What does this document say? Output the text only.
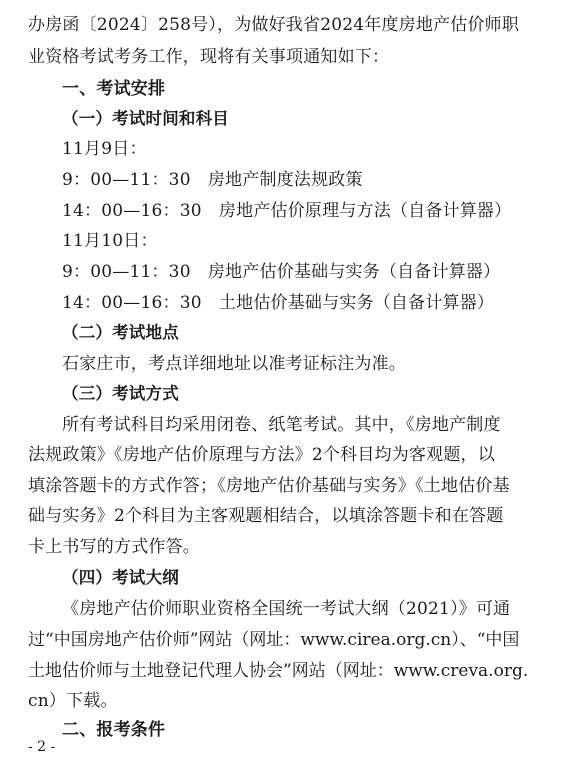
办房函〔2024〕258号），为做好我省2024年度房地产估价师职
业资格考试考务工作，现将有关事项通知如下：
一、考试安排
（一）考试时间和科目
11月9日：
9：00—11：30　房地产制度法规政策
14：00—16：30　房地产估价原理与方法（自备计算器）
11月10日：
9：00—11：30　房地产估价基础与实务（自备计算器）
14：00—16：30　土地估价基础与实务（自备计算器）
（二）考试地点
石家庄市，考点详细地址以准考证标注为准。
（三）考试方式
所有考试科目均采用闭卷、纸笔考试。其中，《房地产制度
法规政策》《房地产估价原理与方法》2个科目均为客观题，以
填涂答题卡的方式作答；《房地产估价基础与实务》《土地估价基
础与实务》2个科目为主客观题相结合，以填涂答题卡和在答题
卡上书写的方式作答。
（四）考试大纲
《房地产估价师职业资格全国统一考试大纲（2021）》可通
过“中国房地产估价师”网站（网址：www.cirea.org.cn）、“中国
土地估价师与土地登记代理人协会”网站（网址：www.creva.org.
cn）下载。
二、报考条件
- 2 -
